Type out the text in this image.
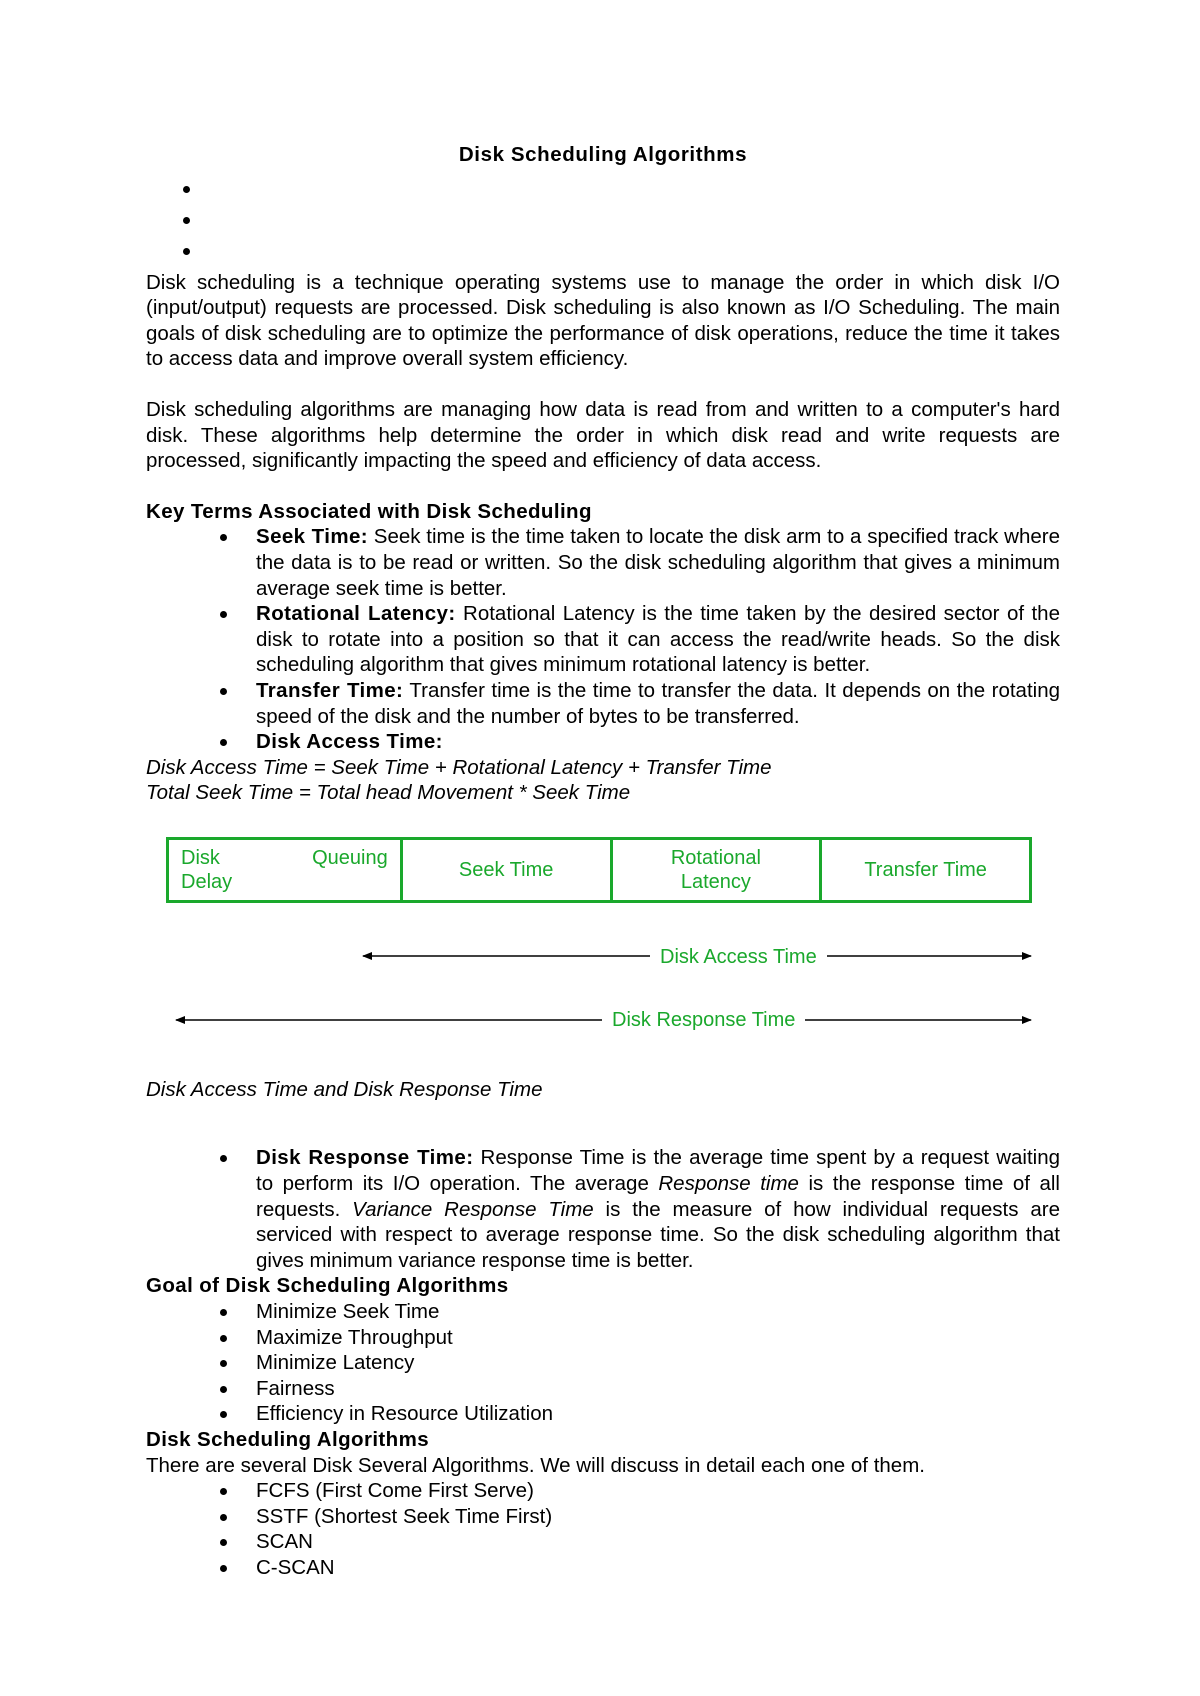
Disk Scheduling Algorithms

Disk scheduling is a technique operating systems use to manage the order in which disk I/O (input/output) requests are processed. Disk scheduling is also known as I/O Scheduling. The main goals of disk scheduling are to optimize the performance of disk operations, reduce the time it takes to access data and improve overall system efficiency.

Disk scheduling algorithms are managing how data is read from and written to a computer's hard disk. These algorithms help determine the order in which disk read and write requests are processed, significantly impacting the speed and efficiency of data access.

Key Terms Associated with Disk Scheduling

Seek Time: Seek time is the time taken to locate the disk arm to a specified track where the data is to be read or written. So the disk scheduling algorithm that gives a minimum average seek time is better.
Rotational Latency: Rotational Latency is the time taken by the desired sector of the disk to rotate into a position so that it can access the read/write heads. So the disk scheduling algorithm that gives minimum rotational latency is better.
Transfer Time: Transfer time is the time to transfer the data. It depends on the rotating speed of the disk and the number of bytes to be transferred.
Disk Access Time:

Disk Access Time = Seek Time + Rotational Latency + Transfer Time

Total Seek Time = Total head Movement * Seek Time

Disk	Queuing
Delay
Seek Time
Rotational
Latency
Transfer Time
Disk Access Time
Disk Response Time

Disk Access Time and Disk Response Time

Disk Response Time: Response Time is the average time spent by a request waiting to perform its I/O operation. The average Response time is the response time of all requests. Variance Response Time is the measure of how individual requests are serviced with respect to average response time. So the disk scheduling algorithm that gives minimum variance response time is better.

Goal of Disk Scheduling Algorithms

Minimize Seek Time
Maximize Throughput
Minimize Latency
Fairness
Efficiency in Resource Utilization

Disk Scheduling Algorithms

There are several Disk Several Algorithms. We will discuss in detail each one of them.

FCFS (First Come First Serve)
SSTF (Shortest Seek Time First)
SCAN
C-SCAN
